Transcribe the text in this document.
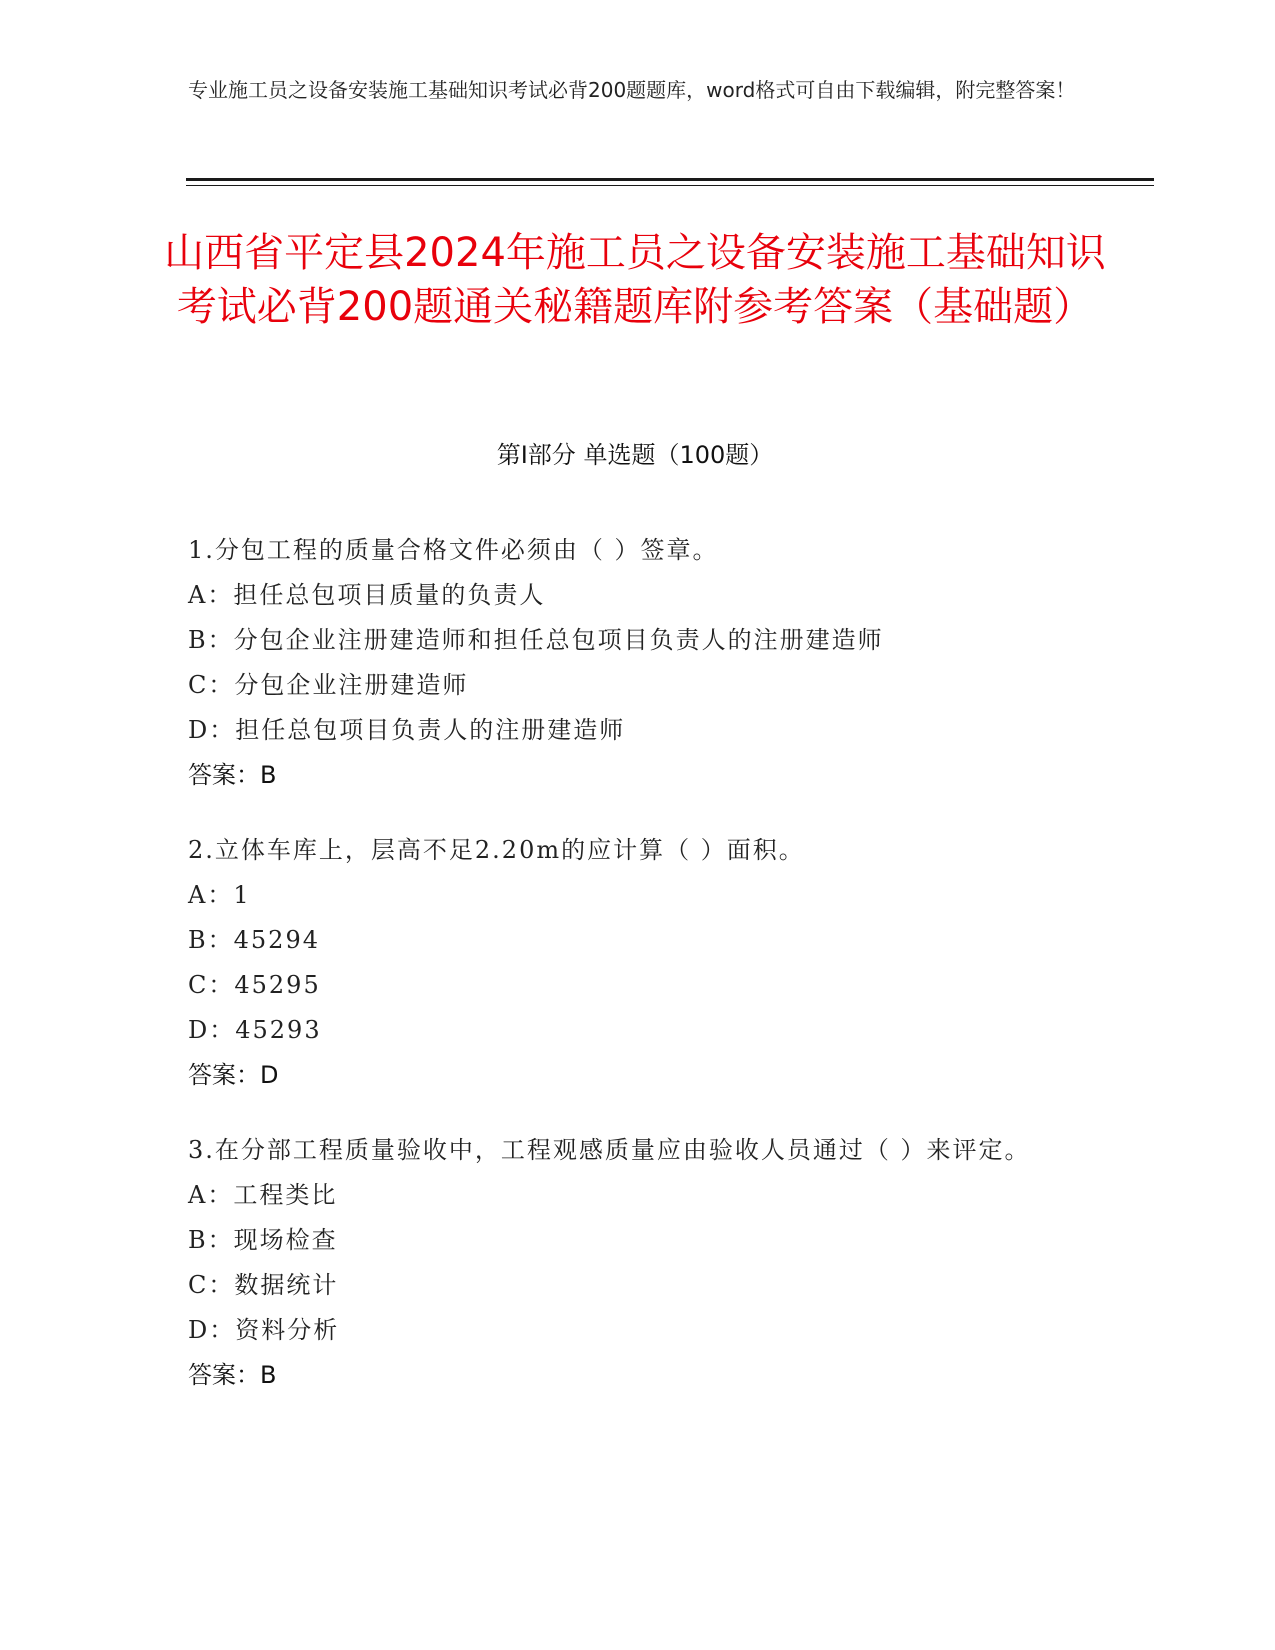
专业施工员之设备安装施工基础知识考试必背200题题库，word格式可自由下载编辑，附完整答案！
山西省平定县2024年施工员之设备安装施工基础知识考试必背200题通关秘籍题库附参考答案（基础题）
第I部分 单选题（100题）

1.分包工程的质量合格文件必须由（ ）签章。

A：担任总包项目质量的负责人

B：分包企业注册建造师和担任总包项目负责人的注册建造师

C：分包企业注册建造师

D：担任总包项目负责人的注册建造师

答案：B

2.立体车库上，层高不足2.20m的应计算（ ）面积。

A：1

B：45294

C：45295

D：45293

答案：D

3.在分部工程质量验收中，工程观感质量应由验收人员通过（ ）来评定。

A：工程类比

B：现场检查

C：数据统计

D：资料分析

答案：B
